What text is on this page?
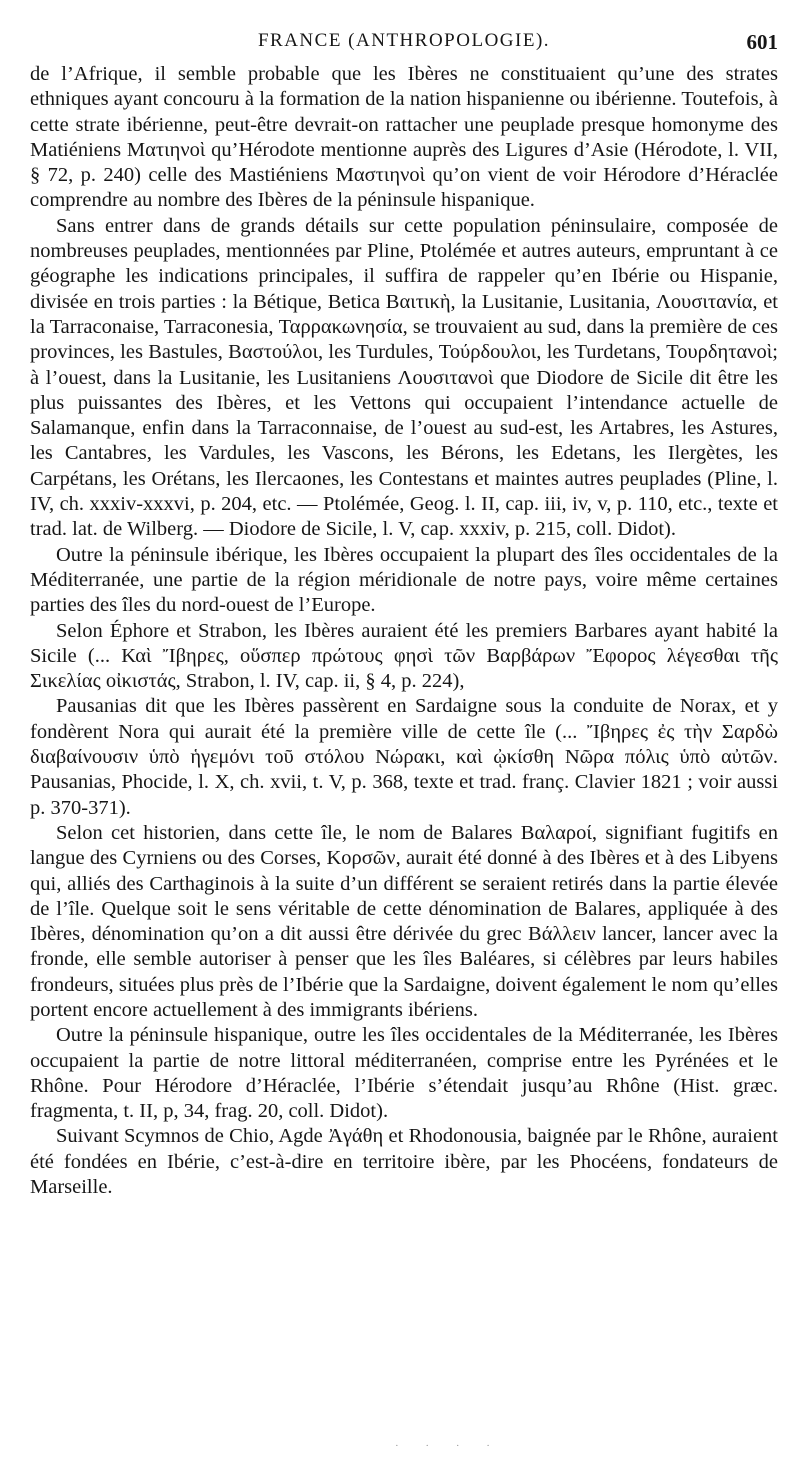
FRANCE (ANTHROPOLOGIE).	601

de l’Afrique, il semble probable que les Ibères ne constituaient qu’une des strates ethniques ayant concouru à la formation de la nation hispanienne ou ibérienne. Toutefois, à cette strate ibérienne, peut-être devrait-on rattacher une peuplade presque homonyme des Matiéniens Ματιηνοὶ qu’Hérodote mentionne auprès des Ligures d’Asie (Hérodote, l. VII, § 72, p. 240) celle des Mastiéniens Μαστιηνοὶ qu’on vient de voir Hérodore d’Héraclée comprendre au nombre des Ibères de la péninsule hispanique.

Sans entrer dans de grands détails sur cette population péninsulaire, composée de nombreuses peuplades, mentionnées par Pline, Ptolémée et autres auteurs, empruntant à ce géographe les indications principales, il suffira de rappeler qu’en Ibérie ou Hispanie, divisée en trois parties : la Bétique, Betica Βαιτικὴ, la Lusitanie, Lusitania, Λουσιτανία, et la Tarraconaise, Tarraconesia, Ταρρακωνησία, se trouvaient au sud, dans la première de ces provinces, les Bastules, Βαστούλοι, les Turdules, Τούρδουλοι, les Turdetans, Τουρδητανοὶ; à l’ouest, dans la Lusitanie, les Lusitaniens Λουσιτανοὶ que Diodore de Sicile dit être les plus puissantes des Ibères, et les Vettons qui occupaient l’intendance actuelle de Salamanque, enfin dans la Tarraconnaise, de l’ouest au sud-est, les Artabres, les Astures, les Cantabres, les Vardules, les Vascons, les Bérons, les Edetans, les Ilergètes, les Carpétans, les Orétans, les Ilercaones, les Contestans et maintes autres peuplades (Pline, l. IV, ch. xxxiv-xxxvi, p. 204, etc. — Ptolémée, Geog. l. II, cap. iii, iv, v, p. 110, etc., texte et trad. lat. de Wilberg. — Diodore de Sicile, l. V, cap. xxxiv, p. 215, coll. Didot).

Outre la péninsule ibérique, les Ibères occupaient la plupart des îles occidentales de la Méditerranée, une partie de la région méridionale de notre pays, voire même certaines parties des îles du nord-ouest de l’Europe.

Selon Éphore et Strabon, les Ibères auraient été les premiers Barbares ayant habité la Sicile (... Καὶ Ἴβηρες, οὕσπερ πρώτους φησὶ τῶν Βαρβάρων Ἔφορος λέγεσθαι τῆς Σικελίας οἰκιστάς, Strabon, l. IV, cap. ii, § 4, p. 224),

Pausanias dit que les Ibères passèrent en Sardaigne sous la conduite de Norax, et y fondèrent Nora qui aurait été la première ville de cette île (... Ἴβηρες ἐς τὴν Σαρδὼ διαβαίνουσιν ὑπὸ ἡγεμόνι τοῦ στόλου Νώρακι, καὶ ᾠκίσθη Νῶρα πόλις ὑπὸ αὐτῶν. Pausanias, Phocide, l. X, ch. xvii, t. V, p. 368, texte et trad. franç. Clavier 1821 ; voir aussi p. 370-371).

Selon cet historien, dans cette île, le nom de Balares Βαλαροί, signifiant fugitifs en langue des Cyrniens ou des Corses, Κορσῶν, aurait été donné à des Ibères et à des Libyens qui, alliés des Carthaginois à la suite d’un différent se seraient retirés dans la partie élevée de l’île. Quelque soit le sens véritable de cette dénomination de Balares, appliquée à des Ibères, dénomination qu’on a dit aussi être dérivée du grec Βάλλειν lancer, lancer avec la fronde, elle semble autoriser à penser que les îles Baléares, si célèbres par leurs habiles frondeurs, situées plus près de l’Ibérie que la Sardaigne, doivent également le nom qu’elles portent encore actuellement à des immigrants ibériens.

Outre la péninsule hispanique, outre les îles occidentales de la Méditerranée, les Ibères occupaient la partie de notre littoral méditerranéen, comprise entre les Pyrénées et le Rhône. Pour Hérodore d’Héraclée, l’Ibérie s’étendait jusqu’au Rhône (Hist. græc. fragmenta, t. II, p, 34, frag. 20, coll. Didot).

Suivant Scymnos de Chio, Agde Ἀγάθη et Rhodonousia, baignée par le Rhône, auraient été fondées en Ibérie, c’est-à-dire en territoire ibère, par les Phocéens, fondateurs de Marseille.

· · · ·
